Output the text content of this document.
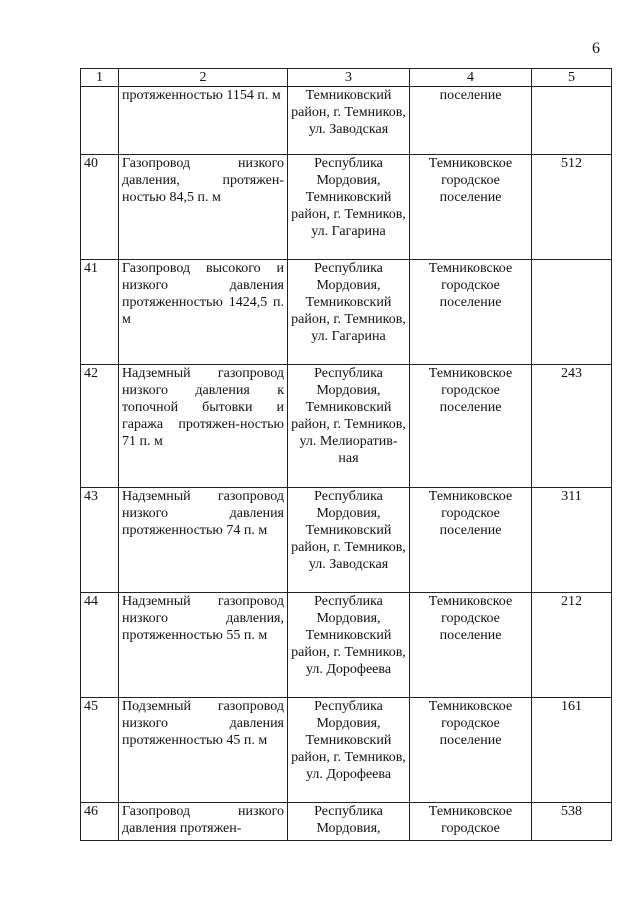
6
1	2	3	4	5
	протяженностью 1154 п. м	Темниковский район, г. Темников, ул. Заводская	поселение	
40	Газопровод низкого давления, протяжен-ностью 84,5 п. м	Республика Мордовия, Темниковский район, г. Темников, ул. Гагарина	Темниковское городское поселение	512
41	Газопровод высокого и низкого давления протяженностью 1424,5 п. м	Республика Мордовия, Темниковский район, г. Темников, ул. Гагарина	Темниковское городское поселение	
42	Надземный газопровод низкого давления к топочной бытовки и гаража протяжен-ностью 71 п. м	Республика Мордовия, Темниковский район, г. Темников, ул. Мелиоратив-ная	Темниковское городское поселение	243
43	Надземный газопровод низкого давления протяженностью 74 п. м	Республика Мордовия, Темниковский район, г. Темников, ул. Заводская	Темниковское городское поселение	311
44	Надземный газопровод низкого давления, протяженностью 55 п. м	Республика Мордовия, Темниковский район, г. Темников, ул. Дорофеева	Темниковское городское поселение	212
45	Подземный газопровод низкого давления протяженностью 45 п. м	Республика Мордовия, Темниковский район, г. Темников, ул. Дорофеева	Темниковское городское поселение	161
46	Газопровод низкого давления протяжен-	Республика Мордовия,	Темниковское городское	538
